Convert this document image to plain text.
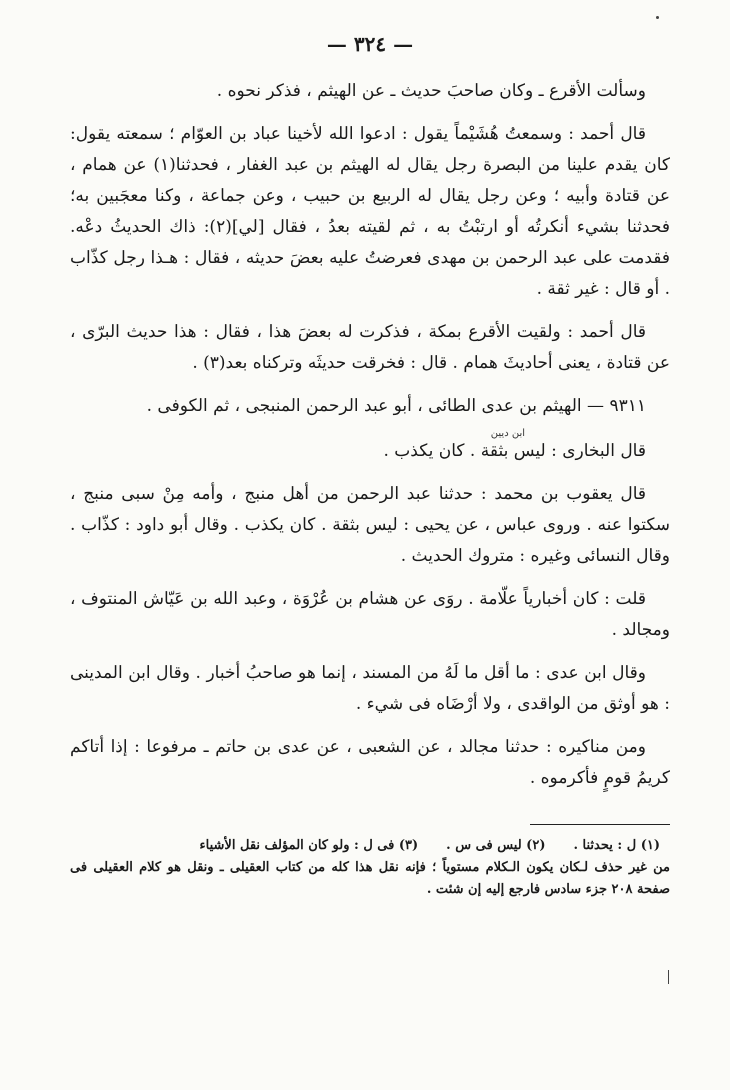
— ٣٢٤ —

وسألت الأقرع ـ وكان صاحبَ حديث ـ عن الهيثم ، فذكر نحوه .

قال أحمد : وسمعتُ هُشَيْماً يقول : ادعوا الله لأخينا عباد بن العوّام ؛ سمعته يقول: كان يقدم علينا من البصرة رجل يقال له الهيثم بن عبد الغفار ، فحدثنا(١) عن همام ، عن قتادة وأبيه ؛ وعن رجل يقال له الربيع بن حبيب ، وعن جماعة ، وكنا معجَبين به؛ فحدثنا بشيء أنكرتُه أو ارتبْتُ به ، ثم لقيته بعدُ ، فقال [لي](٢): ذاك الحديثُ دعْه. فقدمت على عبد الرحمن بن مهدى فعرضتُ عليه بعضَ حديثه ، فقال : هـذا رجل كذّاب . أو قال : غير ثقة .

قال أحمد : ولقيت الأقرع بمكة ، فذكرت له بعضَ هذا ، فقال : هذا حديث البرّى ، عن قتادة ، يعنى أحاديثَ همام . قال : فخرقت حديثَه وتركناه بعد(٣) .

٩٣١١ — الهيثم بن عدى الطائى ، أبو عبد الرحمن المنبجى ، ثم الكوفى .

ابن ديين

قال البخارى : ليس بثقة . كان يكذب .

قال يعقوب بن محمد : حدثنا عبد الرحمن من أهل منبج ، وأمه مِنْ سبى منبج ، سكتوا عنه . وروى عباس ، عن يحيى : ليس بثقة . كان يكذب . وقال أبو داود : كذّاب . وقال النسائى وغيره : متروك الحديث .

قلت : كان أخبارياً علّامة . روَى عن هشام بن عُرْوَة ، وعبد الله بن عَيّاش المنتوف ، ومجالد .

وقال ابن عدى : ما أقل ما لَهُ من المسند ، إنما هو صاحبُ أخبار . وقال ابن المدينى : هو أوثق من الواقدى ، ولا أرْضَاه فى شيء .

ومن مناكيره : حدثنا مجالد ، عن الشعبى ، عن عدى بن حاتم ـ مرفوعا : إذا أتاكم كريمُ قومٍ فأكرموه .

(١) ل : يحدثنا .
(٢) ليس فى س .
(٣) فى ل : ولو كان المؤلف نقل الأشياء
من غير حذف لـكان يكون الـكلام مستوياً ؛ فإنه نقل هذا كله من كتاب العقيلى ـ ونقل هو كلام العقيلى فى صفحة ٢٠٨ جزء سادس فارجع إليه إن شئت .
